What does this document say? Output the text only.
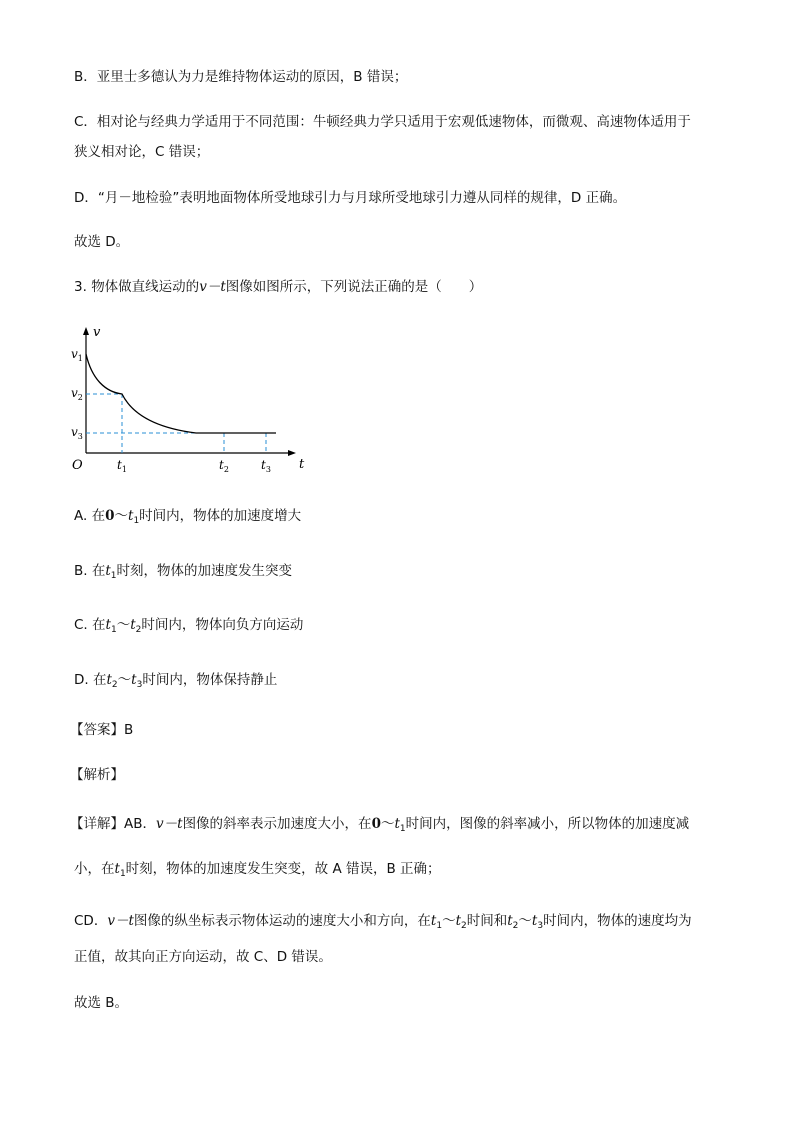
B．亚里士多德认为力是维持物体运动的原因，B 错误；
C．相对论与经典力学适用于不同范围：牛顿经典力学只适用于宏观低速物体，而微观、高速物体适用于
狭义相对论，C 错误；
D．“月－地检验”表明地面物体所受地球引力与月球所受地球引力遵从同样的规律，D 正确。
故选 D。
3. 物体做直线运动的v－t图像如图所示，下列说法正确的是（　　）
v
t
O
$v_1$
$v_2$
$v_3$
$t_1$	$t_2$	$t_3$
A. 在$0\sim t_1$时间内，物体的加速度增大
B. 在$t_1$时刻，物体的加速度发生突变
C. 在$t_1\sim t_2$时间内，物体向负方向运动
D. 在$t_2\sim t_3$时间内，物体保持静止
【答案】B
【解析】
【详解】AB．v－t图像的斜率表示加速度大小，在$0\sim t_1$时间内，图像的斜率减小，所以物体的加速度减
小，在$t_1$时刻，物体的加速度发生突变，故 A 错误，B 正确；
CD．v－t图像的纵坐标表示物体运动的速度大小和方向，在$t_1\sim t_2$时间和$t_2\sim t_3$时间内，物体的速度均为
正值，故其向正方向运动，故 C、D 错误。
故选 B。
